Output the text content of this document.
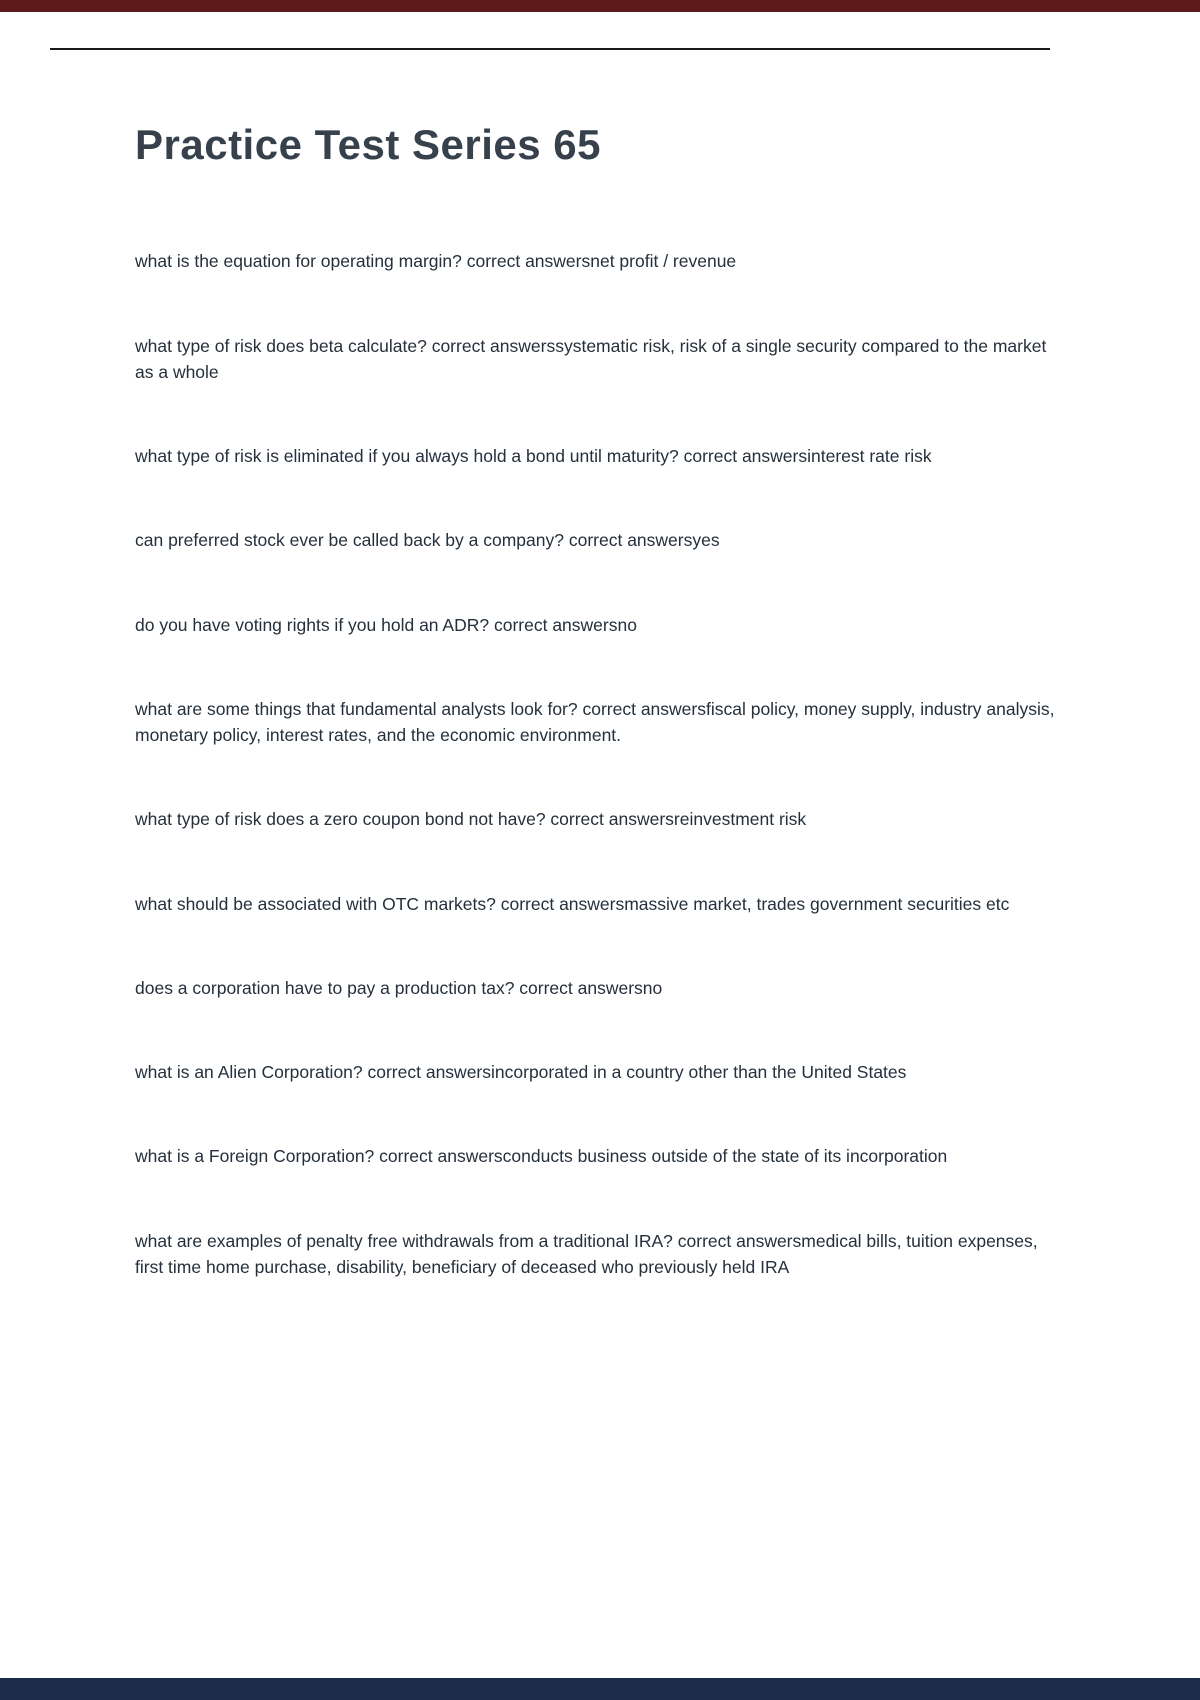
Practice Test Series 65

what is the equation for operating margin? correct answersnet profit / revenue

what type of risk does beta calculate? correct answerssystematic risk, risk of a single security compared to the market as a whole

what type of risk is eliminated if you always hold a bond until maturity? correct answersinterest rate risk

can preferred stock ever be called back by a company? correct answersyes

do you have voting rights if you hold an ADR? correct answersno

what are some things that fundamental analysts look for? correct answersfiscal policy, money supply, industry analysis, monetary policy, interest rates, and the economic environment.

what type of risk does a zero coupon bond not have? correct answersreinvestment risk

what should be associated with OTC markets? correct answersmassive market, trades government securities etc

does a corporation have to pay a production tax? correct answersno

what is an Alien Corporation? correct answersincorporated in a country other than the United States

what is a Foreign Corporation? correct answersconducts business outside of the state of its incorporation

what are examples of penalty free withdrawals from a traditional IRA? correct answersmedical bills, tuition expenses, first time home purchase, disability, beneficiary of deceased who previously held IRA
